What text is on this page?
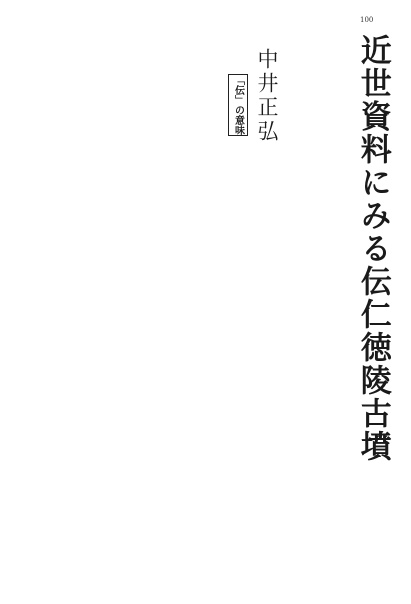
100
近世資料にみる伝仁徳陵古墳
中井正弘
「伝」の意味
